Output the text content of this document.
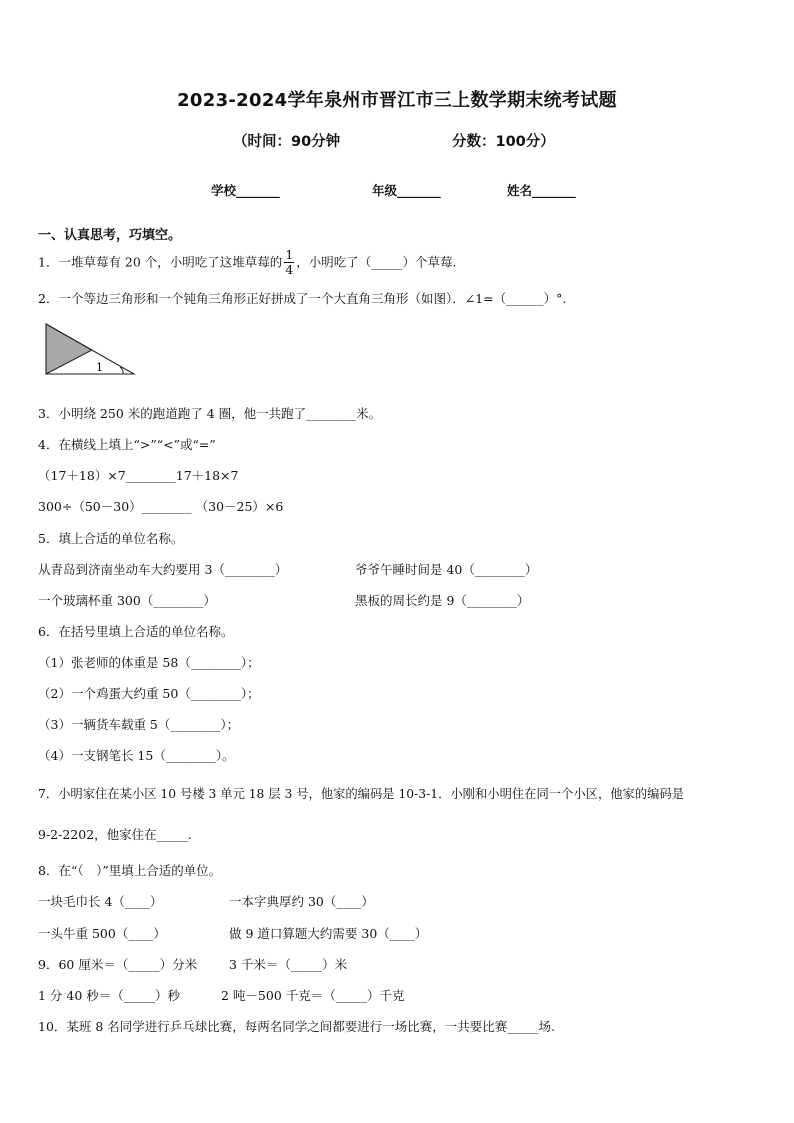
2023-2024学年泉州市晋江市三上数学期末统考试题
（时间：90分钟	分数：100分）
学校_______	年级_______	姓名_______
一、认真思考，巧填空。
1．一堆草莓有 20 个，小明吃了这堆草莓的 $\frac{1}{4}$ ，小明吃了（_____）个草莓.
2．一个等边三角形和一个钝角三角形正好拼成了一个大直角三角形（如图）．∠1=（______）°.
1
3．小明绕 250 米的跑道跑了 4 圈，他一共跑了________米。
4．在横线上填上“>”“<”或“=”
（17＋18）×7________17＋18×7
300÷（50－30）________ （30－25）×6
5．填上合适的单位名称。
从青岛到济南坐动车大约要用 3（________）	爷爷午睡时间是 40（________）
一个玻璃杯重 300（________）	黑板的周长约是 9（________）
6．在括号里填上合适的单位名称。
（1）张老师的体重是 58（________）；
（2）一个鸡蛋大约重 50（________）；
（3）一辆货车载重 5（________）；
（4）一支钢笔长 15（________）。
7．小明家住在某小区 10 号楼 3 单元 18 层 3 号，他家的编码是 10-3-1．小刚和小明住在同一个小区，他家的编码是
9-2-2202，他家住在_____.
8．在“（　）”里填上合适的单位。
一块毛巾长 4（____）	一本字典厚约 30（____）
一头牛重 500（____）	做 9 道口算题大约需要 30（____）
9．60 厘米＝（_____）分米	3 千米＝（_____）米
1 分 40 秒＝（_____）秒	2 吨－500 千克＝（_____）千克
10．某班 8 名同学进行乒乓球比赛，每两名同学之间都要进行一场比赛，一共要比赛_____场.
